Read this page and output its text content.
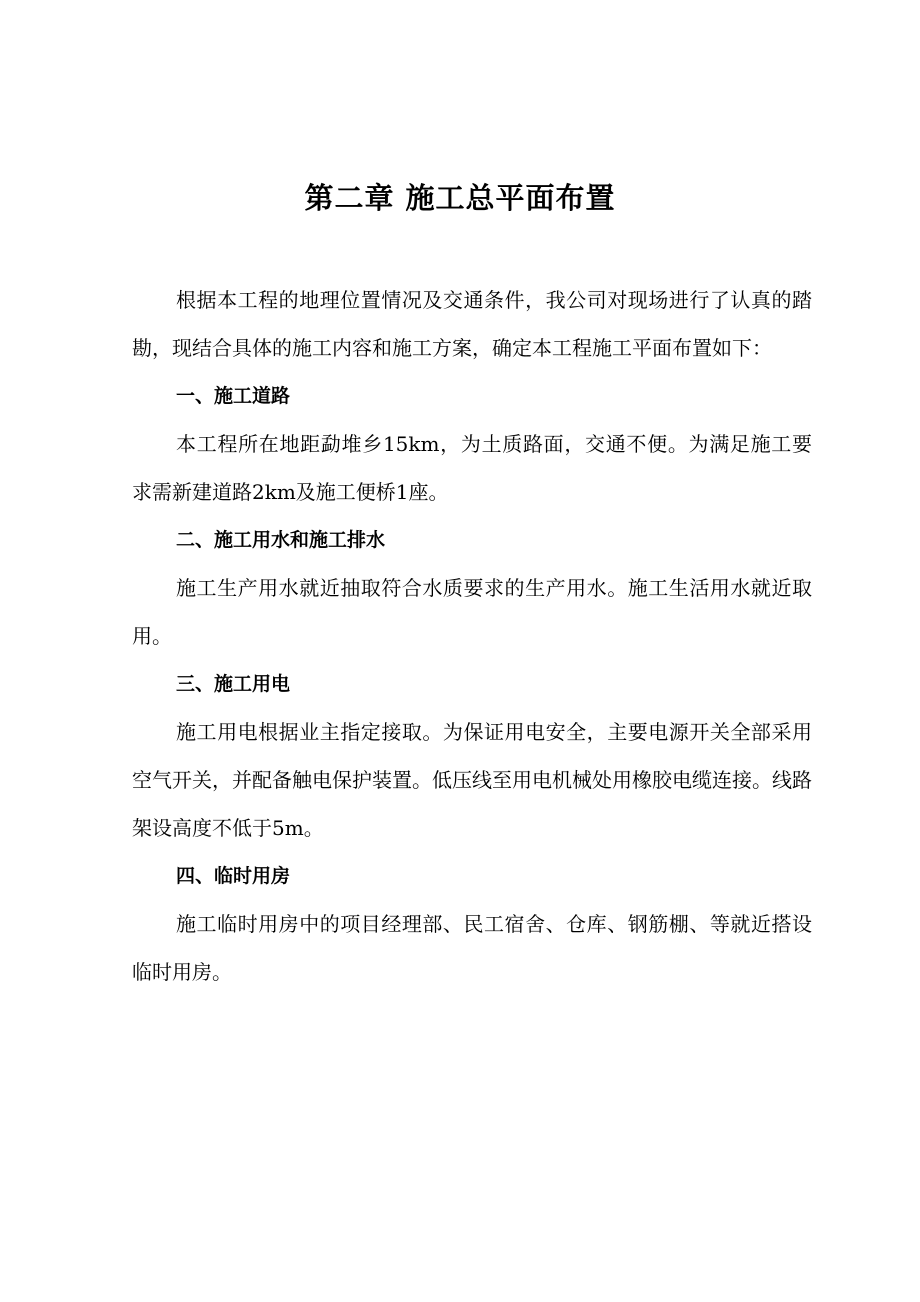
第二章 施工总平面布置

根据本工程的地理位置情况及交通条件，我公司对现场进行了认真的踏勘，现结合具体的施工内容和施工方案，确定本工程施工平面布置如下：

一、施工道路

本工程所在地距勐堆乡15km，为土质路面，交通不便。为满足施工要求需新建道路2km及施工便桥1座。

二、施工用水和施工排水

施工生产用水就近抽取符合水质要求的生产用水。施工生活用水就近取用。

三、施工用电

施工用电根据业主指定接取。为保证用电安全，主要电源开关全部采用空气开关，并配备触电保护装置。低压线至用电机械处用橡胶电缆连接。线路架设高度不低于5m。

四、临时用房

施工临时用房中的项目经理部、民工宿舍、仓库、钢筋棚、等就近搭设临时用房。
